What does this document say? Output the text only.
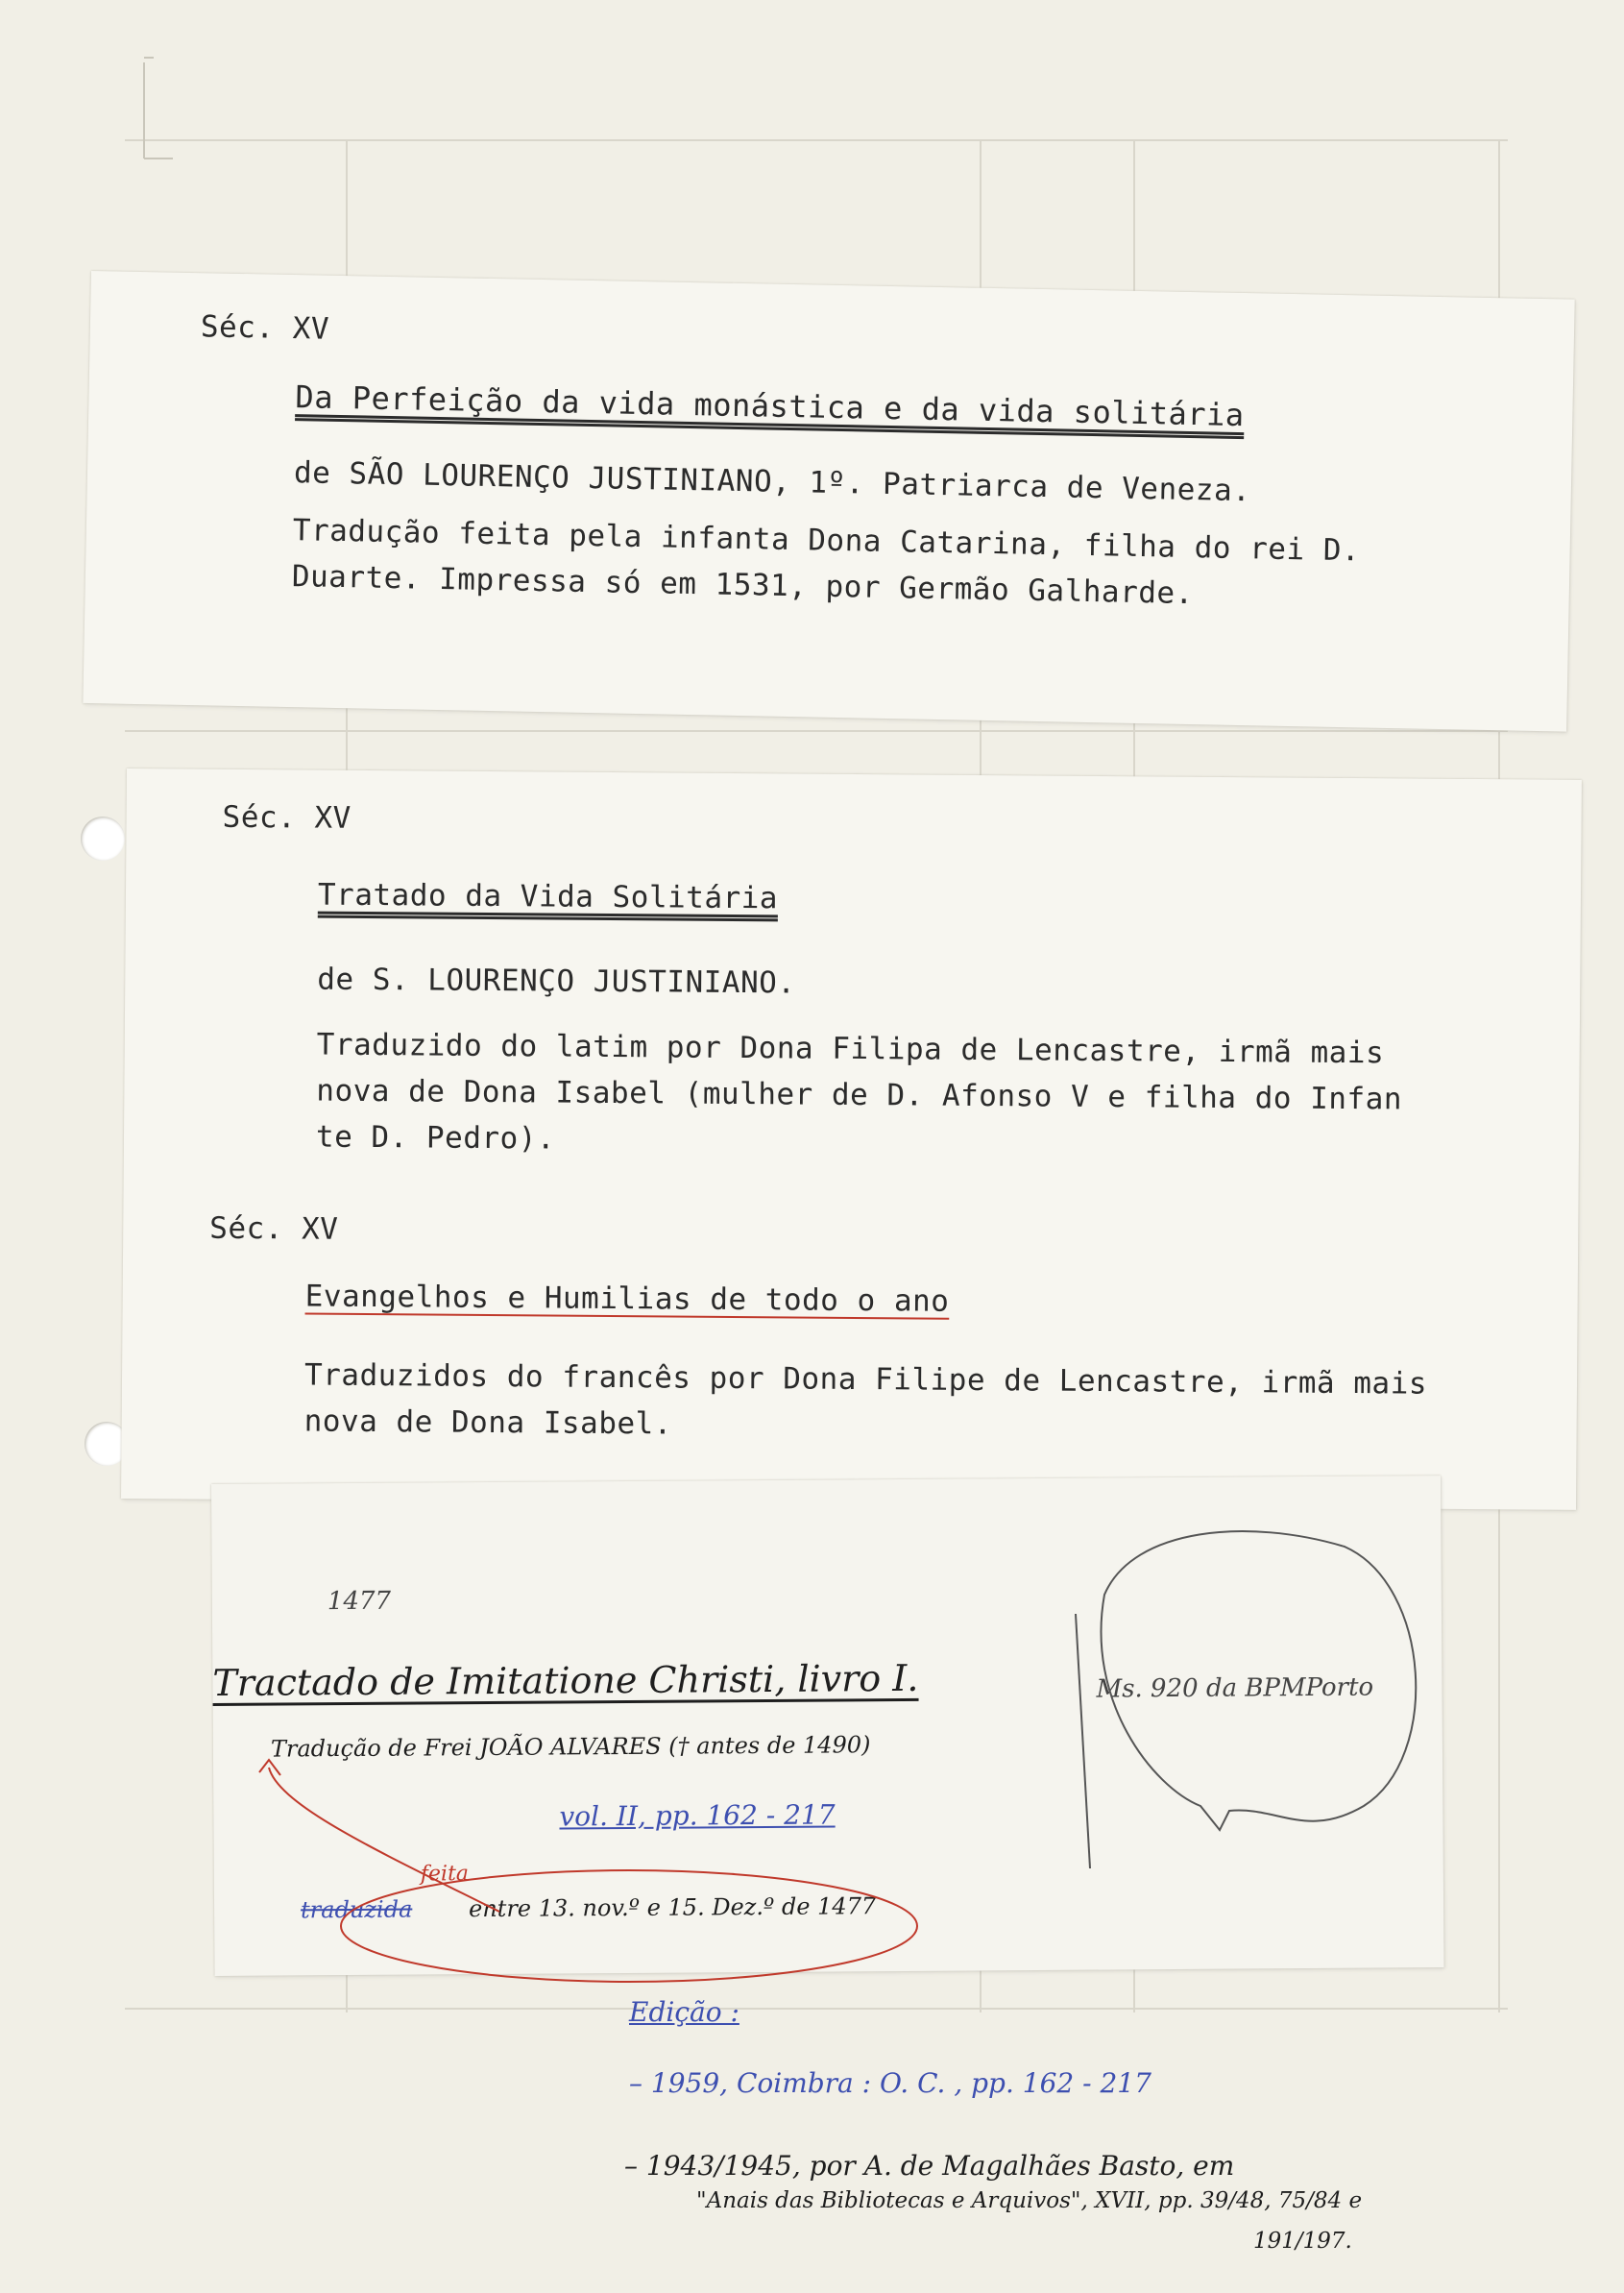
Séc. XV
Da Perfeição da vida monástica e da vida solitária
de SÃO LOURENÇO JUSTINIANO, 1º. Patriarca de Veneza.
Tradução feita pela infanta Dona Catarina, filha do rei D.
Duarte. Impressa só em 1531, por Germão Galharde.
Séc. XV
Tratado da Vida Solitária
de S. LOURENÇO JUSTINIANO.
Traduzido do latim por Dona Filipa de Lencastre, irmã mais
nova de Dona Isabel (mulher de D. Afonso V e filha do Infan
te D. Pedro).
Séc. XV
Evangelhos e Humilias de todo o ano
Traduzidos do francês por Dona Filipe de Lencastre, irmã mais
nova de Dona Isabel.
1477
Tractado de Imitatione Christi, livro I.
Tradução de Frei JOÃO ALVARES († antes de 1490)
vol. II, pp. 162 - 217
traduzida
feita
entre 13. nov.º e 15. Dez.º de 1477
Ms. 920 da BPMPorto
Edição :
– 1959, Coimbra : O. C. , pp. 162 - 217
– 1943/1945, por A. de Magalhães Basto, em
"Anais das Bibliotecas e Arquivos", XVII, pp. 39/48, 75/84 e
191/197.
